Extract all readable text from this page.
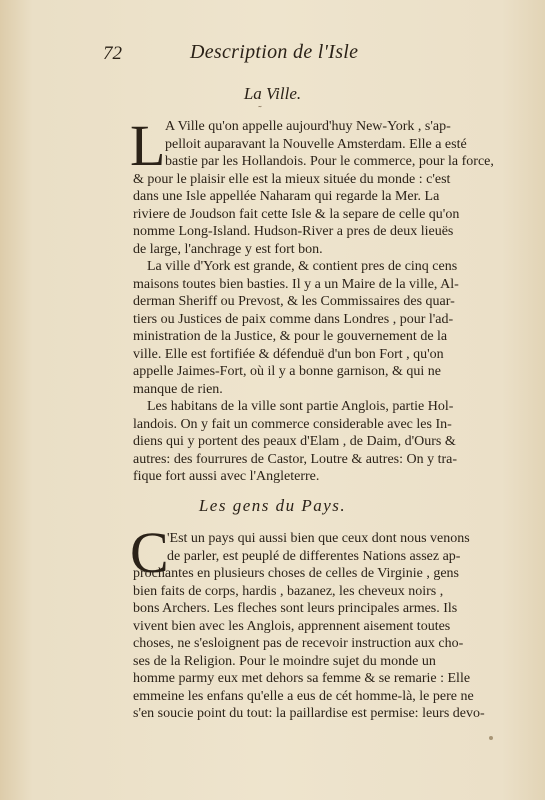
72	Description de l'Isle
La Ville.
˜
L A Ville qu'on appelle aujourd'huy New-York , s'ap-
pelloit auparavant la Nouvelle Amsterdam. Elle a esté
bastie par les Hollandois. Pour le commerce, pour la force,
& pour le plaisir elle est la mieux située du monde : c'est
dans une Isle appellée Naharam qui regarde la Mer. La
riviere de Joudson fait cette Isle & la separe de celle qu'on
nomme Long-Island. Hudson-River a pres de deux lieuës
de large, l'anchrage y est fort bon.
La ville d'York est grande, & contient pres de cinq cens
maisons toutes bien basties. Il y a un Maire de la ville, Al-
derman Sheriff ou Prevost, & les Commissaires des quar-
tiers ou Justices de paix comme dans Londres , pour l'ad-
ministration de la Justice, & pour le gouvernement de la
ville. Elle est fortifiée & défenduë d'un bon Fort , qu'on
appelle Jaimes-Fort, où il y a bonne garnison, & qui ne
manque de rien.
Les habitans de la ville sont partie Anglois, partie Hol-
landois. On y fait un commerce considerable avec les In-
diens qui y portent des peaux d'Elam , de Daim, d'Ours &
autres: des fourrures de Castor, Loutre & autres: On y tra-
fique fort aussi avec l'Angleterre.
Les gens du Pays.
C
'Est un pays qui aussi bien que ceux dont nous venons
de parler, est peuplé de differentes Nations assez ap-
prochantes en plusieurs choses de celles de Virginie , gens
bien faits de corps, hardis , bazanez, les cheveux noirs ,
bons Archers. Les fleches sont leurs principales armes. Ils
vivent bien avec les Anglois, apprennent aisement toutes
choses, ne s'esloignent pas de recevoir instruction aux cho-
ses de la Religion. Pour le moindre sujet du monde un
homme parmy eux met dehors sa femme & se remarie : Elle
emmeine les enfans qu'elle a eus de cét homme-là, le pere ne
s'en soucie point du tout: la paillardise est permise: leurs devo-
